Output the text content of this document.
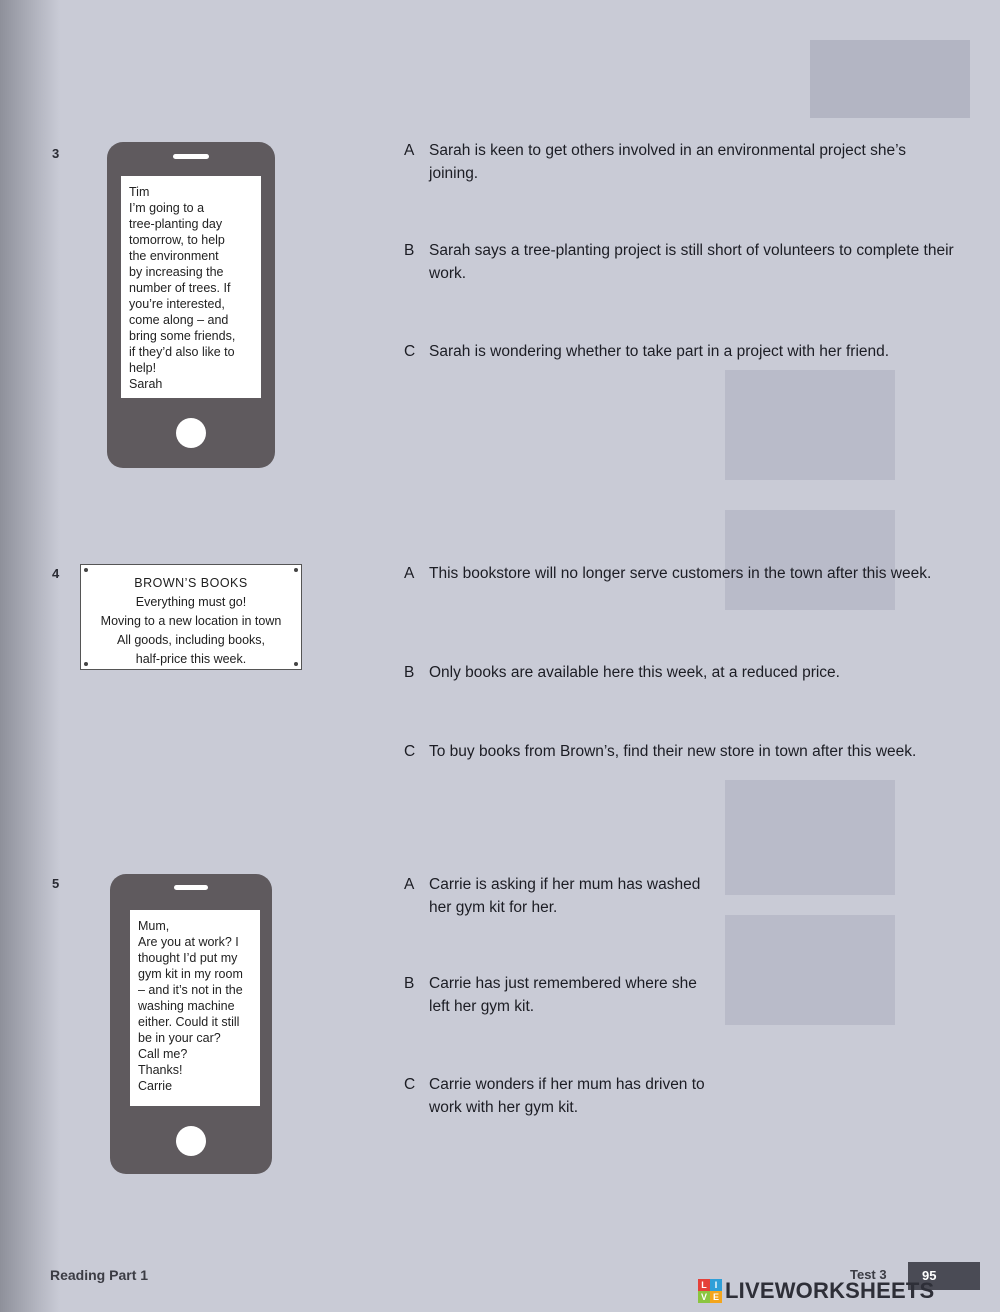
3
Tim
I’m going to a
tree-planting day
tomorrow, to help
the environment
by increasing the
number of trees. If
you’re interested,
come along – and
bring some friends,
if they’d also like to
help!
Sarah
A Sarah is keen to get others involved in an environmental project she’s joining.
B Sarah says a tree-planting project is still short of volunteers to complete their work.
C Sarah is wondering whether to take part in a project with her friend.
4
BROWN’S BOOKS
Everything must go!
Moving to a new location in town
All goods, including books,
half-price this week.
A This bookstore will no longer serve customers in the town after this week.
B Only books are available here this week, at a reduced price.
C To buy books from Brown’s, find their new store in town after this week.
5
Mum,
Are you at work? I
thought I’d put my
gym kit in my room
– and it’s not in the
washing machine
either. Could it still
be in your car?
Call me?
Thanks!
Carrie
A Carrie is asking if her mum has washed her gym kit for her.
B Carrie has just remembered where she left her gym kit.
C Carrie wonders if her mum has driven to work with her gym kit.
Reading Part 1	Test 3	95
L I
V E LIVEWORKSHEETS
